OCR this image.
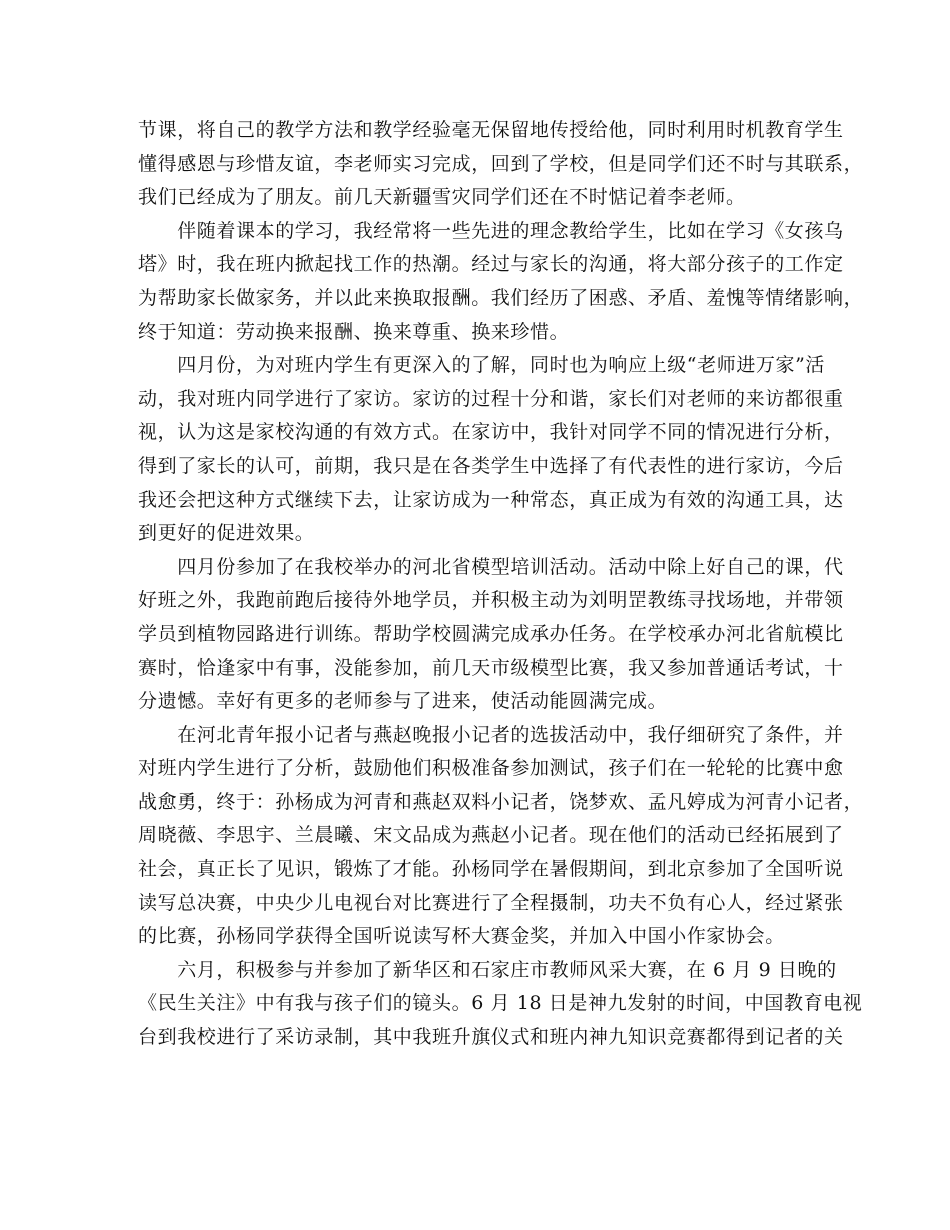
节课，将自己的教学方法和教学经验毫无保留地传授给他，同时利用时机教育学生
懂得感恩与珍惜友谊，李老师实习完成，回到了学校，但是同学们还不时与其联系，
我们已经成为了朋友。前几天新疆雪灾同学们还在不时惦记着李老师。
　　伴随着课本的学习，我经常将一些先进的理念教给学生，比如在学习《女孩乌
塔》时，我在班内掀起找工作的热潮。经过与家长的沟通，将大部分孩子的工作定
为帮助家长做家务，并以此来换取报酬。我们经历了困惑、矛盾、羞愧等情绪影响，
终于知道：劳动换来报酬、换来尊重、换来珍惜。
　　四月份，为对班内学生有更深入的了解，同时也为响应上级“老师进万家”活
动，我对班内同学进行了家访。家访的过程十分和谐，家长们对老师的来访都很重
视，认为这是家校沟通的有效方式。在家访中，我针对同学不同的情况进行分析，
得到了家长的认可，前期，我只是在各类学生中选择了有代表性的进行家访，今后
我还会把这种方式继续下去，让家访成为一种常态，真正成为有效的沟通工具，达
到更好的促进效果。
　　四月份参加了在我校举办的河北省模型培训活动。活动中除上好自己的课，代
好班之外，我跑前跑后接待外地学员，并积极主动为刘明罡教练寻找场地，并带领
学员到植物园路进行训练。帮助学校圆满完成承办任务。在学校承办河北省航模比
赛时，恰逢家中有事，没能参加，前几天市级模型比赛，我又参加普通话考试，十
分遗憾。幸好有更多的老师参与了进来，使活动能圆满完成。
　　在河北青年报小记者与燕赵晚报小记者的选拔活动中，我仔细研究了条件，并
对班内学生进行了分析，鼓励他们积极准备参加测试，孩子们在一轮轮的比赛中愈
战愈勇，终于：孙杨成为河青和燕赵双料小记者，饶梦欢、孟凡婷成为河青小记者，
周晓薇、李思宇、兰晨曦、宋文品成为燕赵小记者。现在他们的活动已经拓展到了
社会，真正长了见识，锻炼了才能。孙杨同学在暑假期间，到北京参加了全国听说
读写总决赛，中央少儿电视台对比赛进行了全程摄制，功夫不负有心人，经过紧张
的比赛，孙杨同学获得全国听说读写杯大赛金奖，并加入中国小作家协会。
　　六月，积极参与并参加了新华区和石家庄市教师风采大赛，在 6 月 9 日晚的
《民生关注》中有我与孩子们的镜头。6 月 18 日是神九发射的时间，中国教育电视
台到我校进行了采访录制，其中我班升旗仪式和班内神九知识竞赛都得到记者的关
